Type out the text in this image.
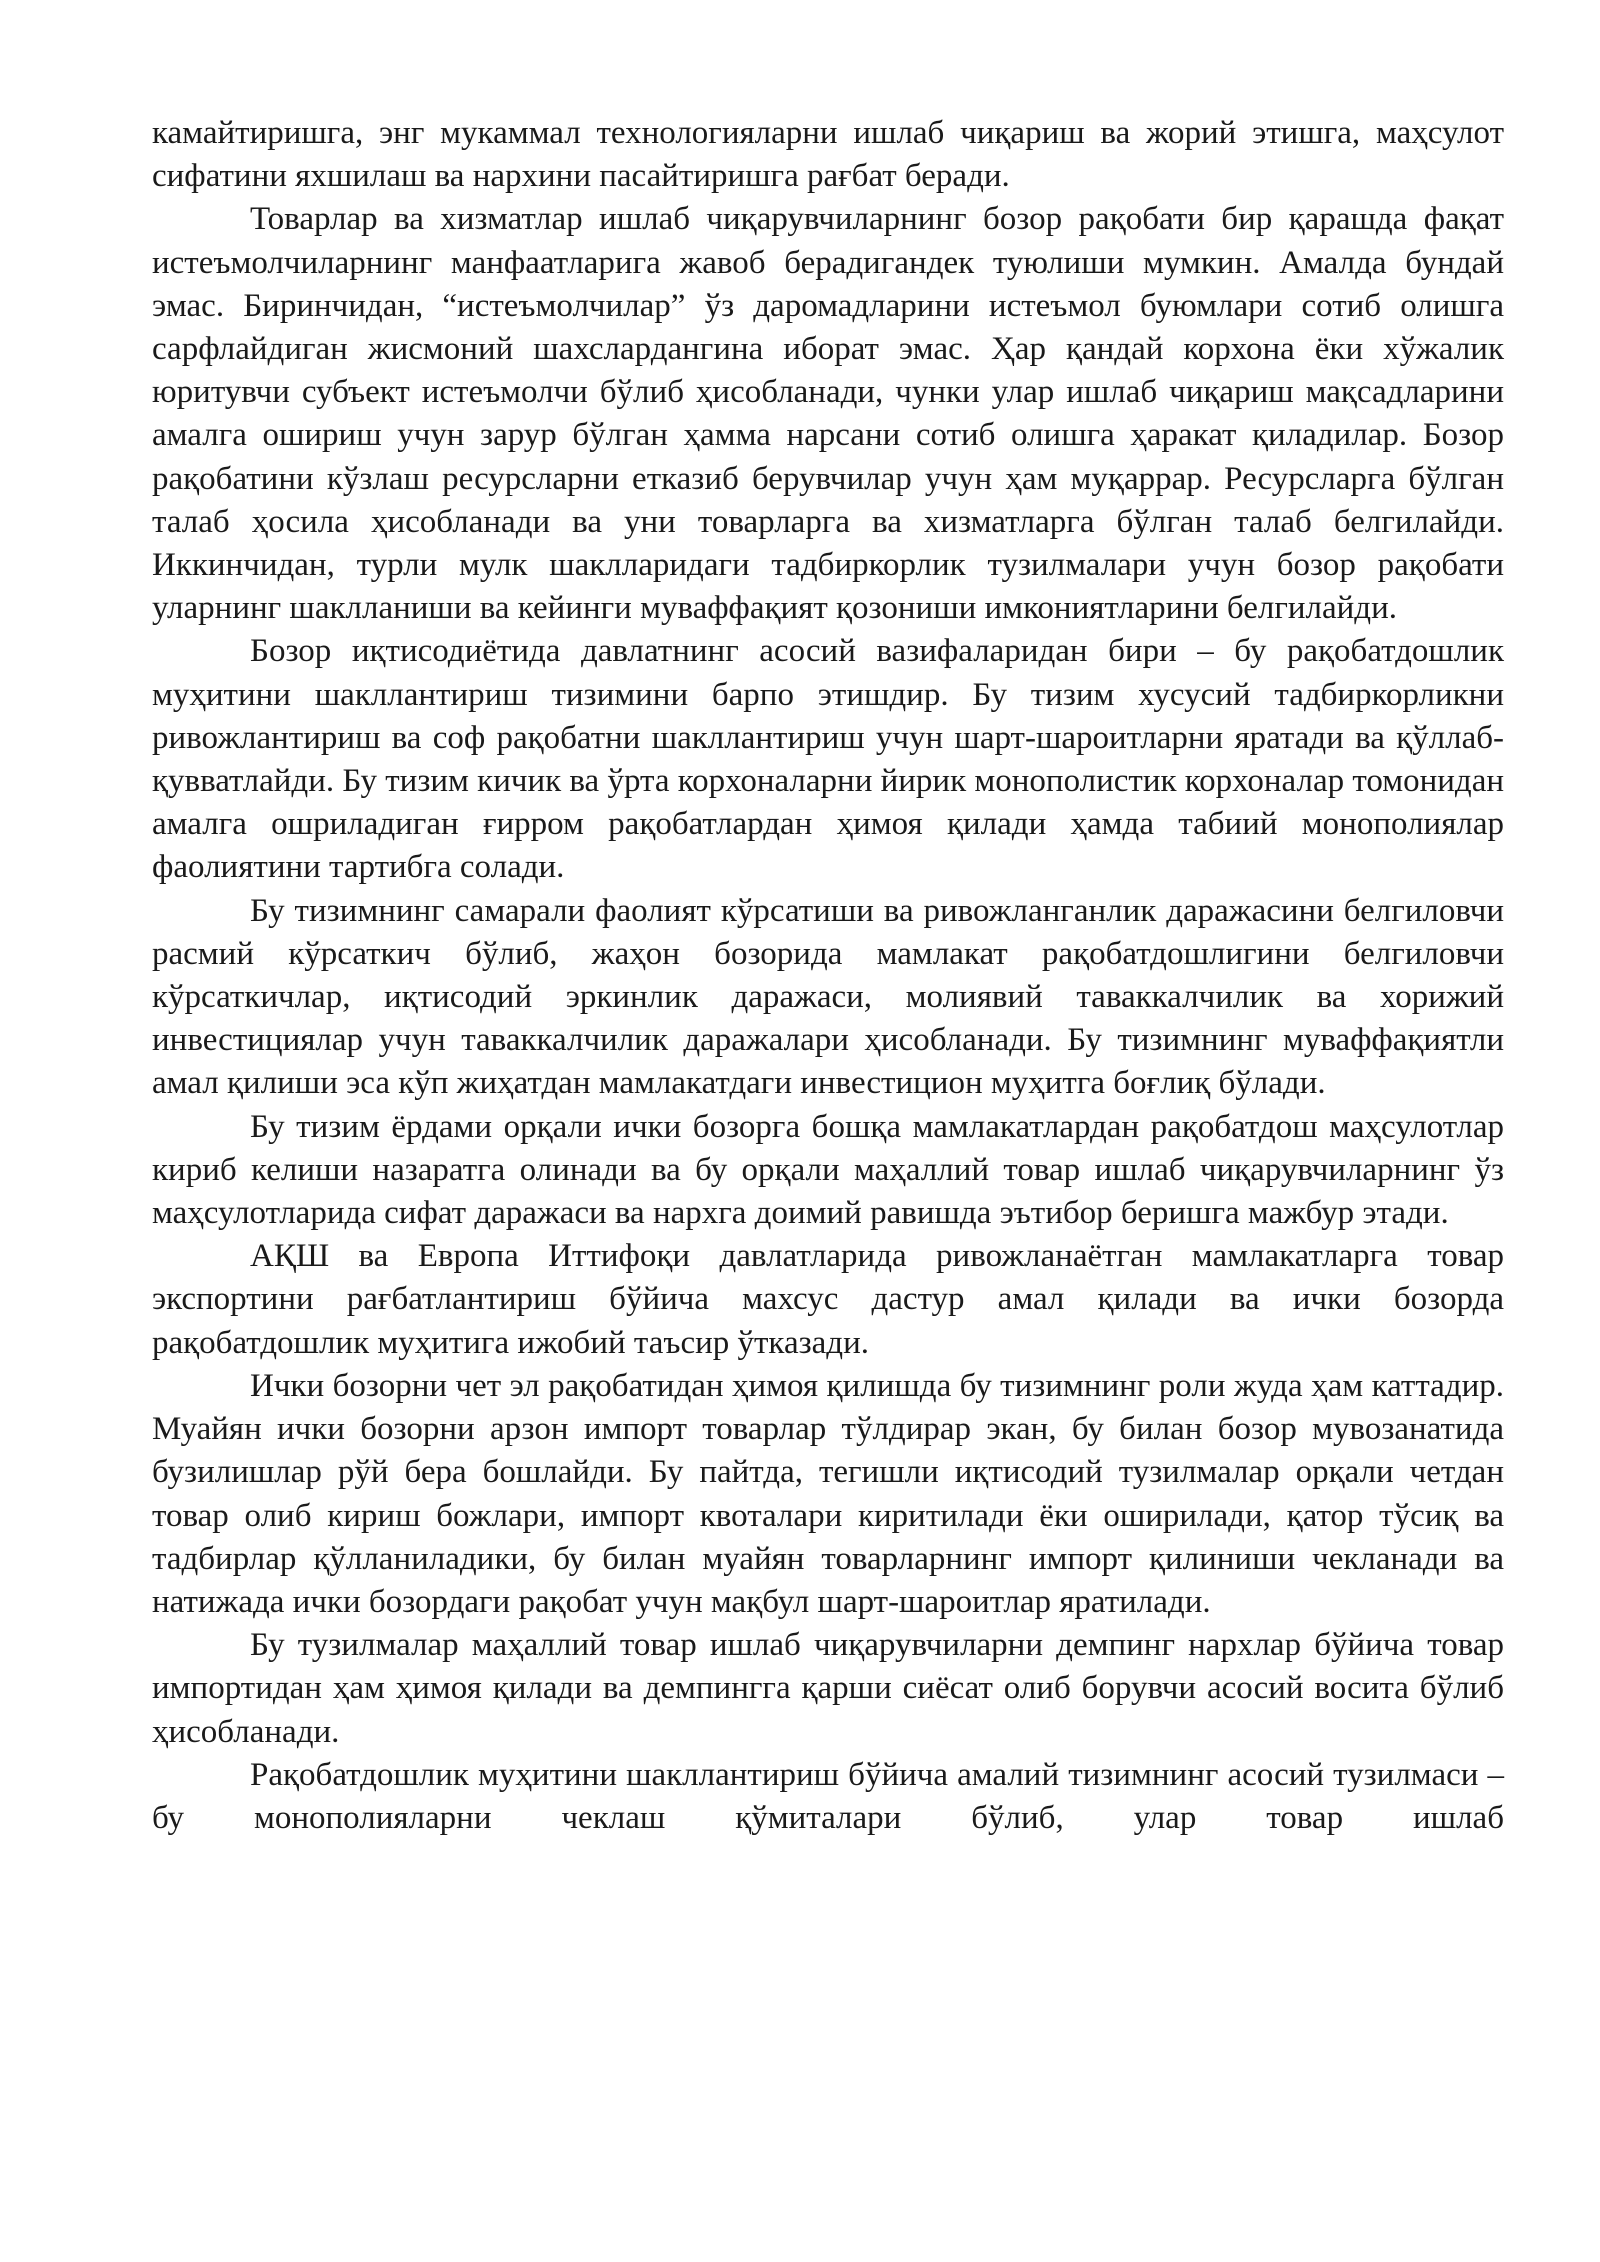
камайтиришга, энг мукаммал технологияларни ишлаб чиқариш ва жорий этишга, маҳсулот сифатини яхшилаш ва нархини пасайтиришга рағбат беради.

Товарлар ва хизматлар ишлаб чиқарувчиларнинг бозор рақобати бир қарашда фақат истеъмолчиларнинг манфаатларига жавоб берадигандек туюлиши мумкин. Амалда бундай эмас. Биринчидан, “истеъмолчилар” ўз даромадларини истеъмол буюмлари сотиб олишга сарфлайдиган жисмоний шахслардангина иборат эмас. Ҳар қандай корхона ёки хўжалик юритувчи субъект истеъмолчи бўлиб ҳисобланади, чунки улар ишлаб чиқариш мақсадларини амалга ошириш учун зарур бўлган ҳамма нарсани сотиб олишга ҳаракат қиладилар. Бозор рақобатини кўзлаш ресурсларни етказиб берувчилар учун ҳам муқаррар. Ресурсларга бўлган талаб ҳосила ҳисобланади ва уни товарларга ва хизматларга бўлган талаб белгилайди. Иккинчидан, турли мулк шаклларидаги тадбиркорлик тузилмалари учун бозор рақобати уларнинг шаклланиши ва кейинги муваффақият қозониши имкониятларини белгилайди.

Бозор иқтисодиётида давлатнинг асосий вазифаларидан бири – бу рақобатдошлик муҳитини шакллантириш тизимини барпо этишдир. Бу тизим хусусий тадбиркорликни ривожлантириш ва соф рақобатни шакллантириш учун шарт-шароитларни яратади ва қўллаб-қувватлайди. Бу тизим кичик ва ўрта корхоналарни йирик монополистик корхоналар томонидан амалга ошриладиган ғирром рақобатлардан ҳимоя қилади ҳамда табиий монополиялар фаолиятини тартибга солади.

Бу тизимнинг самарали фаолият кўрсатиши ва ривожланганлик даражасини белгиловчи расмий кўрсаткич бўлиб, жаҳон бозорида мамлакат рақобатдошлигини белгиловчи кўрсаткичлар, иқтисодий эркинлик даражаси, молиявий таваккалчилик ва хорижий инвестициялар учун таваккалчилик даражалари ҳисобланади. Бу тизимнинг муваффақиятли амал қилиши эса кўп жиҳатдан мамлакатдаги инвестицион муҳитга боғлиқ бўлади.

Бу тизим ёрдами орқали ички бозорга бошқа мамлакатлардан рақобатдош маҳсулотлар кириб келиши назаратга олинади ва бу орқали маҳаллий товар ишлаб чиқарувчиларнинг ўз маҳсулотларида сифат даражаси ва нархга доимий равишда эътибор беришга мажбур этади.

АҚШ ва Европа Иттифоқи давлатларида ривожланаётган мамлакатларга товар экспортини рағбатлантириш бўйича махсус дастур амал қилади ва ички бозорда рақобатдошлик муҳитига ижобий таъсир ўтказади.

Ички бозорни чет эл рақобатидан ҳимоя қилишда бу тизимнинг роли жуда ҳам каттадир. Муайян ички бозорни арзон импорт товарлар тўлдирар экан, бу билан бозор мувозанатида бузилишлар рўй бера бошлайди. Бу пайтда, тегишли иқтисодий тузилмалар орқали четдан товар олиб кириш божлари, импорт квоталари киритилади ёки оширилади, қатор тўсиқ ва тадбирлар қўлланиладики, бу билан муайян товарларнинг импорт қилиниши чекланади ва натижада ички бозордаги рақобат учун мақбул шарт-шароитлар яратилади.

Бу тузилмалар маҳаллий товар ишлаб чиқарувчиларни демпинг нархлар бўйича товар импортидан ҳам ҳимоя қилади ва демпингга қарши сиёсат олиб борувчи асосий восита бўлиб ҳисобланади.

Рақобатдошлик муҳитини шакллантириш бўйича амалий тизимнинг асосий тузилмаси – бу монополияларни чеклаш қўмиталари бўлиб, улар товар ишлаб
